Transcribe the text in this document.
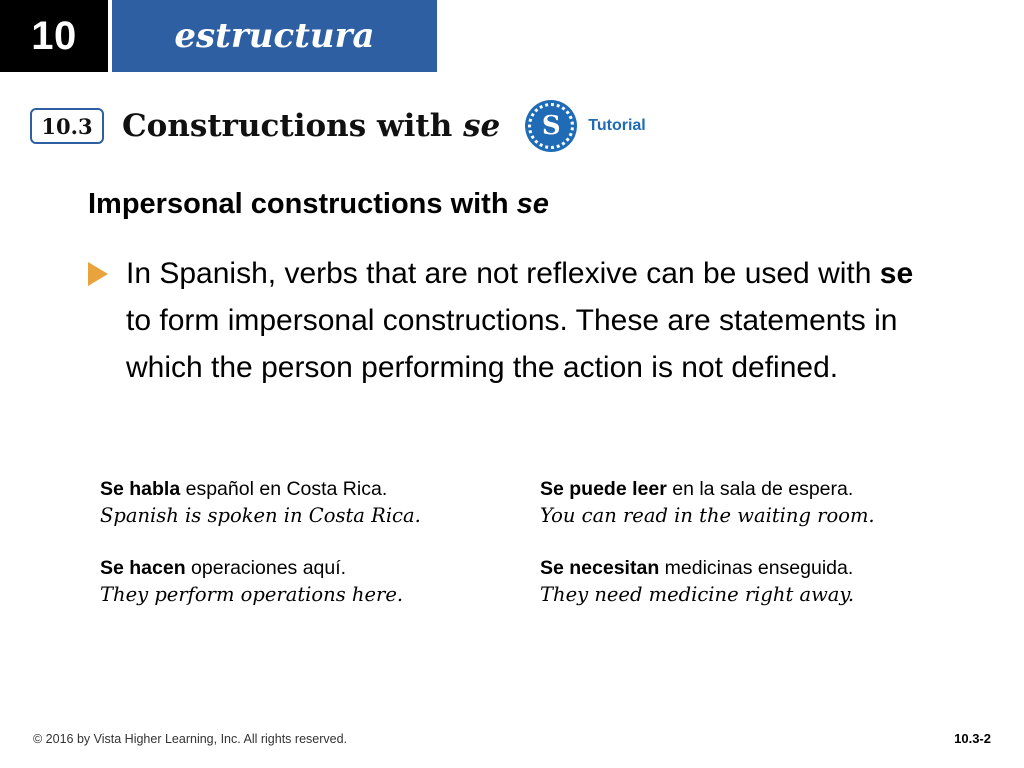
10	estructura
10.3 Constructions with se	S	Tutorial
Impersonal constructions with se
In Spanish, verbs that are not reflexive can be used with se to form impersonal constructions. These are statements in which the person performing the action is not defined.
Se habla español en Costa Rica.
Spanish is spoken in Costa Rica.
Se puede leer en la sala de espera.
You can read in the waiting room.
Se hacen operaciones aquí.
They perform operations here.
Se necesitan medicinas enseguida.
They need medicine right away.
© 2016 by Vista Higher Learning, Inc. All rights reserved.	10.3-2
